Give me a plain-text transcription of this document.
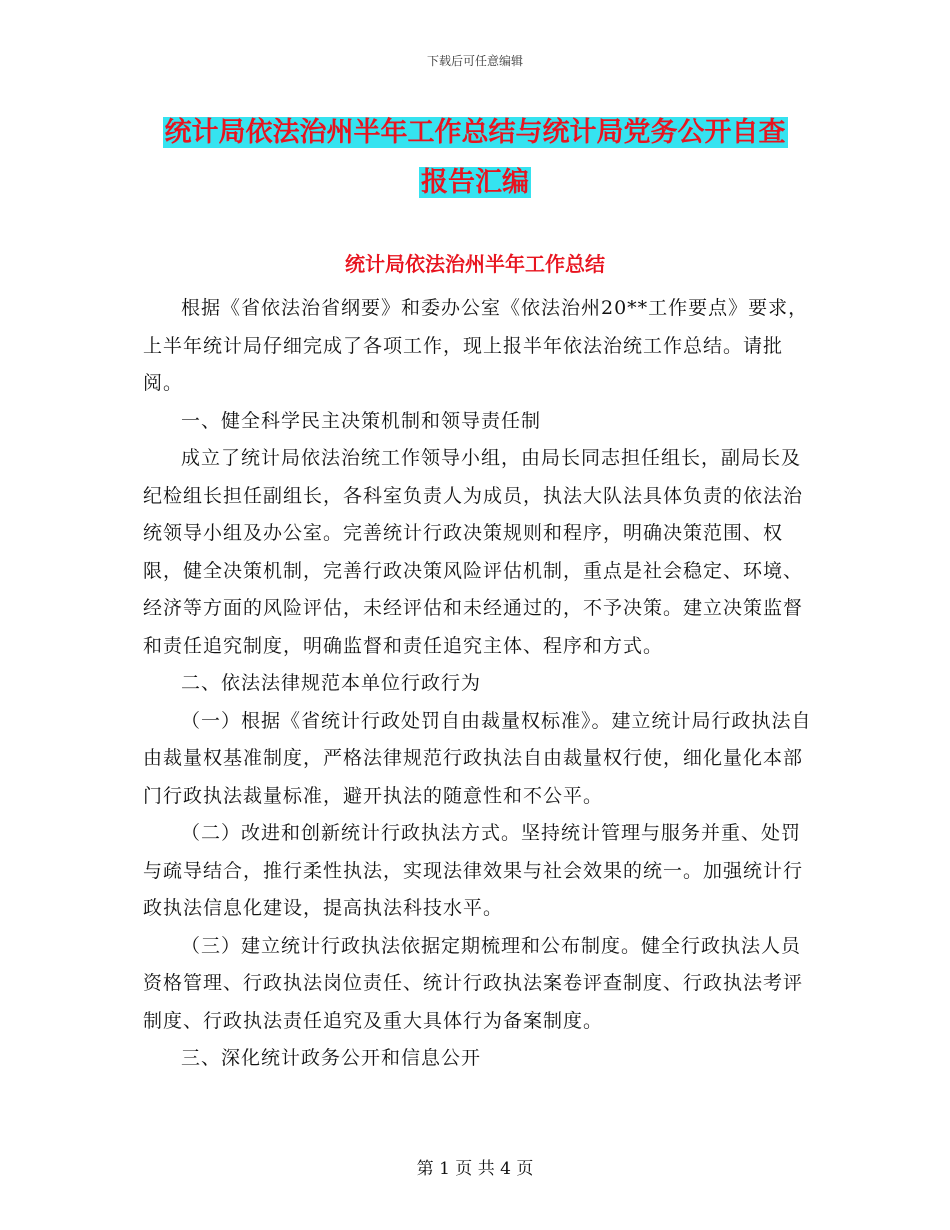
下载后可任意编辑
统计局依法治州半年工作总结与统计局党务公开自查
报告汇编
统计局依法治州半年工作总结

根据《省依法治省纲要》和委办公室《依法治州20**工作要点》要求，上半年统计局仔细完成了各项工作，现上报半年依法治统工作总结。请批阅。

一、健全科学民主决策机制和领导责任制

成立了统计局依法治统工作领导小组，由局长同志担任组长，副局长及纪检组长担任副组长，各科室负责人为成员，执法大队法具体负责的依法治统领导小组及办公室。完善统计行政决策规则和程序，明确决策范围、权限，健全决策机制，完善行政决策风险评估机制，重点是社会稳定、环境、经济等方面的风险评估，未经评估和未经通过的，不予决策。建立决策监督和责任追究制度，明确监督和责任追究主体、程序和方式。

二、依法法律规范本单位行政行为

（一）根据《省统计行政处罚自由裁量权标准》。建立统计局行政执法自由裁量权基准制度，严格法律规范行政执法自由裁量权行使，细化量化本部门行政执法裁量标准，避开执法的随意性和不公平。

（二）改进和创新统计行政执法方式。坚持统计管理与服务并重、处罚与疏导结合，推行柔性执法，实现法律效果与社会效果的统一。加强统计行政执法信息化建设，提高执法科技水平。

（三）建立统计行政执法依据定期梳理和公布制度。健全行政执法人员资格管理、行政执法岗位责任、统计行政执法案卷评查制度、行政执法考评制度、行政执法责任追究及重大具体行为备案制度。

三、深化统计政务公开和信息公开

第 1 页 共 4 页
